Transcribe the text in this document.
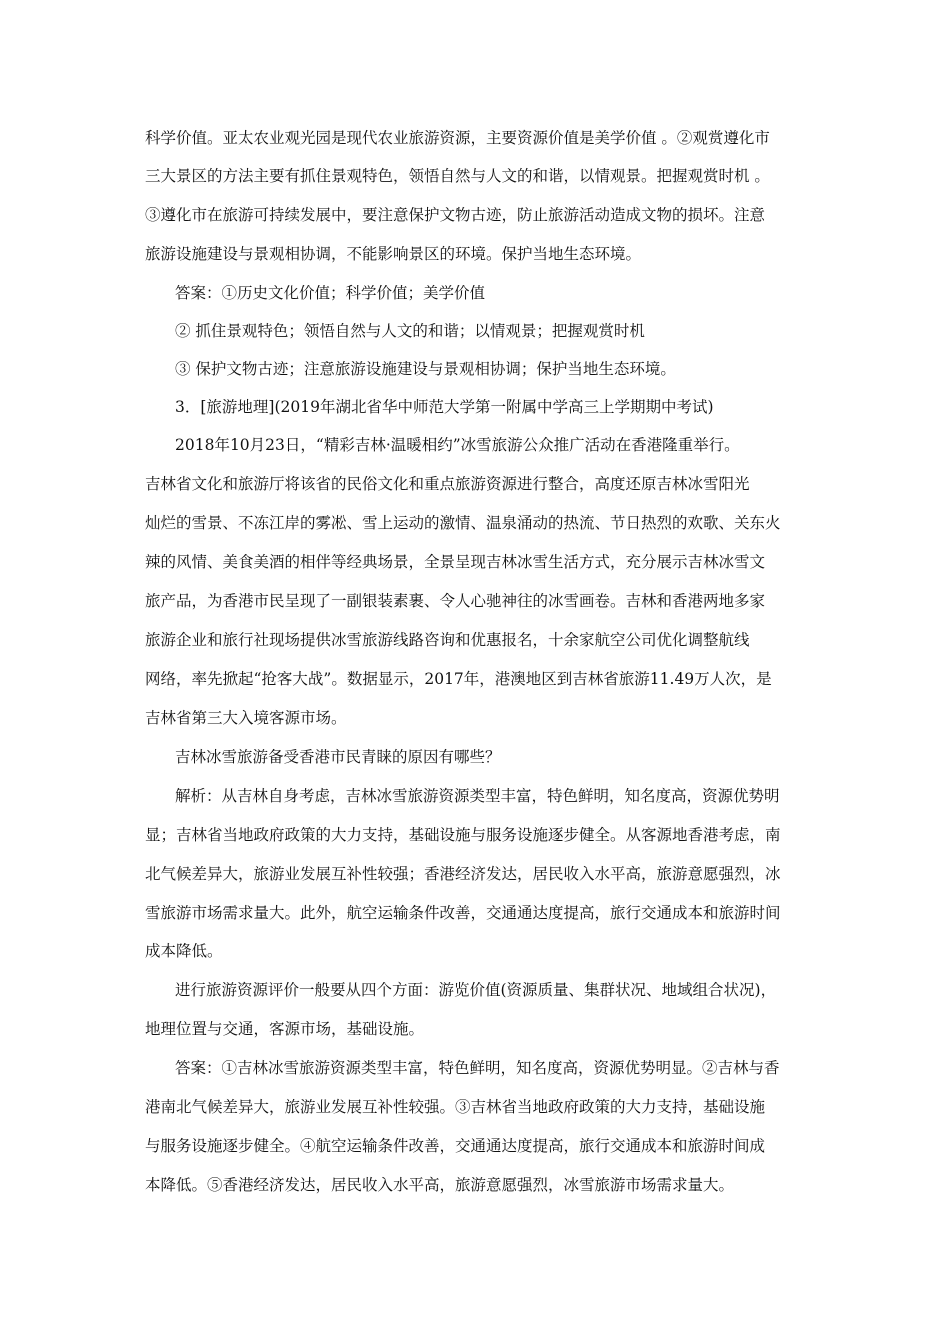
科学价值。亚太农业观光园是现代农业旅游资源，主要资源价值是美学价值 。②观赏遵化市
三大景区的方法主要有抓住景观特色，领悟自然与人文的和谐，以情观景。把握观赏时机 。
③遵化市在旅游可持续发展中，要注意保护文物古迹，防止旅游活动造成文物的损坏。注意
旅游设施建设与景观相协调，不能影响景区的环境。保护当地生态环境。
答案：①历史文化价值；科学价值；美学价值
② 抓住景观特色；领悟自然与人文的和谐；以情观景；把握观赏时机
③ 保护文物古迹；注意旅游设施建设与景观相协调；保护当地生态环境。
3．[旅游地理](2019年湖北省华中师范大学第一附属中学高三上学期期中考试)
2018年10月23日，“精彩吉林·温暖相约”冰雪旅游公众推广活动在香港隆重举行。
吉林省文化和旅游厅将该省的民俗文化和重点旅游资源进行整合，高度还原吉林冰雪阳光
灿烂的雪景、不冻江岸的雾凇、雪上运动的激情、温泉涌动的热流、节日热烈的欢歌、关东火
辣的风情、美食美酒的相伴等经典场景，全景呈现吉林冰雪生活方式，充分展示吉林冰雪文
旅产品，为香港市民呈现了一副银装素裹、令人心驰神往的冰雪画卷。吉林和香港两地多家
旅游企业和旅行社现场提供冰雪旅游线路咨询和优惠报名，十余家航空公司优化调整航线
网络，率先掀起“抢客大战”。数据显示，2017年，港澳地区到吉林省旅游11.49万人次，是
吉林省第三大入境客源市场。
吉林冰雪旅游备受香港市民青睐的原因有哪些？
解析：从吉林自身考虑，吉林冰雪旅游资源类型丰富，特色鲜明，知名度高，资源优势明
显；吉林省当地政府政策的大力支持，基础设施与服务设施逐步健全。从客源地香港考虑，南
北气候差异大，旅游业发展互补性较强；香港经济发达，居民收入水平高，旅游意愿强烈，冰
雪旅游市场需求量大。此外，航空运输条件改善，交通通达度提高，旅行交通成本和旅游时间
成本降低。
进行旅游资源评价一般要从四个方面：游览价值(资源质量、集群状况、地域组合状况)，
地理位置与交通，客源市场，基础设施。
答案：①吉林冰雪旅游资源类型丰富，特色鲜明，知名度高，资源优势明显。②吉林与香
港南北气候差异大，旅游业发展互补性较强。③吉林省当地政府政策的大力支持，基础设施
与服务设施逐步健全。④航空运输条件改善，交通通达度提高，旅行交通成本和旅游时间成
本降低。⑤香港经济发达，居民收入水平高，旅游意愿强烈，冰雪旅游市场需求量大。
